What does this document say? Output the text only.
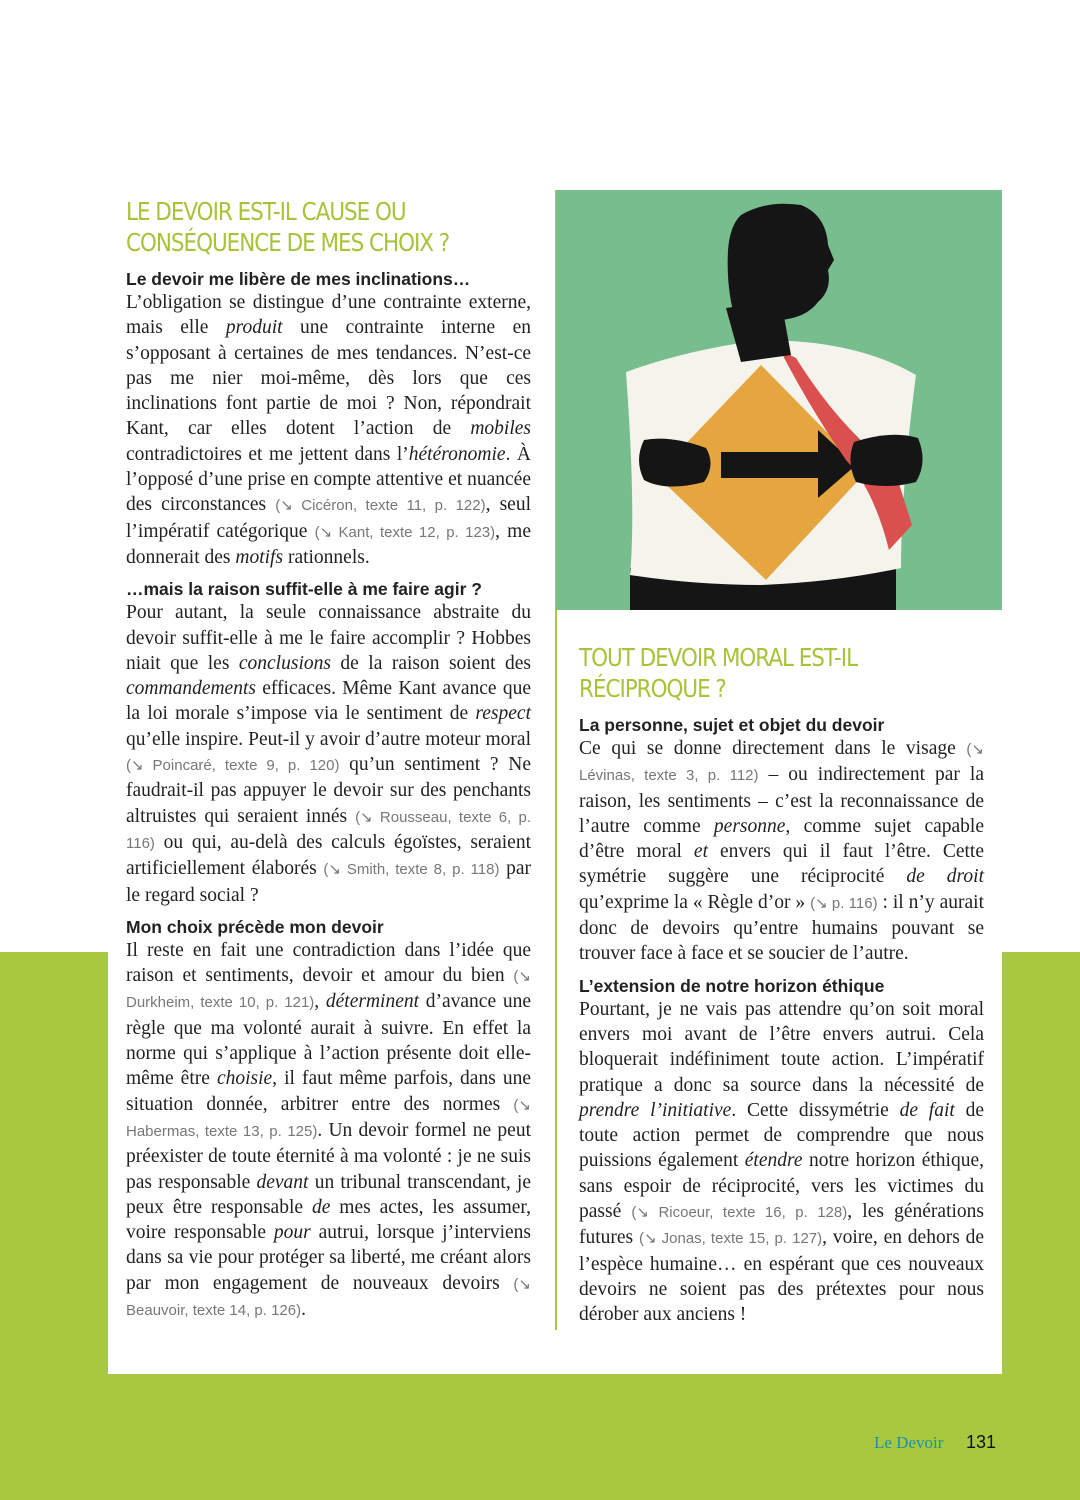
LE DEVOIR EST-IL CAUSE OU
CONSÉQUENCE DE MES CHOIX ?
Le devoir me libère de mes inclinations…

L’obligation se distingue d’une contrainte externe, mais elle produit une contrainte interne en s’opposant à certaines de mes tendances. N’est-ce pas me nier moi-même, dès lors que ces inclinations font partie de moi ? Non, répondrait Kant, car elles dotent l’action de mobiles contradictoires et me jettent dans l’hétéronomie. À l’opposé d’une prise en compte attentive et nuancée des circonstances (↘ Cicéron, texte 11, p. 122), seul l’impératif catégorique (↘ Kant, texte 12, p. 123), me donnerait des motifs rationnels.

…mais la raison suffit-elle à me faire agir ?

Pour autant, la seule connaissance abstraite du devoir suffit-elle à me le faire accomplir ? Hobbes niait que les conclusions de la raison soient des commandements efficaces. Même Kant avance que la loi morale s’impose via le sentiment de respect qu’elle inspire. Peut-il y avoir d’autre moteur moral (↘ Poincaré, texte 9, p. 120) qu’un sentiment ? Ne faudrait-il pas appuyer le devoir sur des penchants altruistes qui seraient innés (↘ Rousseau, texte 6, p. 116) ou qui, au-delà des calculs égoïstes, seraient artificiellement élaborés (↘ Smith, texte 8, p. 118) par le regard social ?

Mon choix précède mon devoir

Il reste en fait une contradiction dans l’idée que raison et sentiments, devoir et amour du bien (↘ Durkheim, texte 10, p. 121), déterminent d’avance une règle que ma volonté aurait à suivre. En effet la norme qui s’applique à l’action présente doit elle-même être choisie, il faut même parfois, dans une situation donnée, arbitrer entre des normes (↘ Habermas, texte 13, p. 125). Un devoir formel ne peut préexister de toute éternité à ma volonté : je ne suis pas responsable devant un tribunal transcendant, je peux être responsable de mes actes, les assumer, voire responsable pour autrui, lorsque j’interviens dans sa vie pour protéger sa liberté, me créant alors par mon engagement de nouveaux devoirs (↘ Beauvoir, texte 14, p. 126).

TOUT DEVOIR MORAL EST-IL
RÉCIPROQUE ?
La personne, sujet et objet du devoir

Ce qui se donne directement dans le visage (↘ Lévinas, texte 3, p. 112) – ou indirectement par la raison, les sentiments – c’est la reconnaissance de l’autre comme personne, comme sujet capable d’être moral et envers qui il faut l’être. Cette symétrie suggère une réciprocité de droit qu’exprime la « Règle d’or » (↘ p. 116) : il n’y aurait donc de devoirs qu’entre humains pouvant se trouver face à face et se soucier de l’autre.

L’extension de notre horizon éthique

Pourtant, je ne vais pas attendre qu’on soit moral envers moi avant de l’être envers autrui. Cela bloquerait indéfiniment toute action. L’impératif pratique a donc sa source dans la nécessité de prendre l’initiative. Cette dissymétrie de fait de toute action permet de comprendre que nous puissions également étendre notre horizon éthique, sans espoir de réciprocité, vers les victimes du passé (↘ Ricoeur, texte 16, p. 128), les générations futures (↘ Jonas, texte 15, p. 127), voire, en dehors de l’espèce humaine… en espérant que ces nouveaux devoirs ne soient pas des prétextes pour nous dérober aux anciens !

Le Devoir 131
